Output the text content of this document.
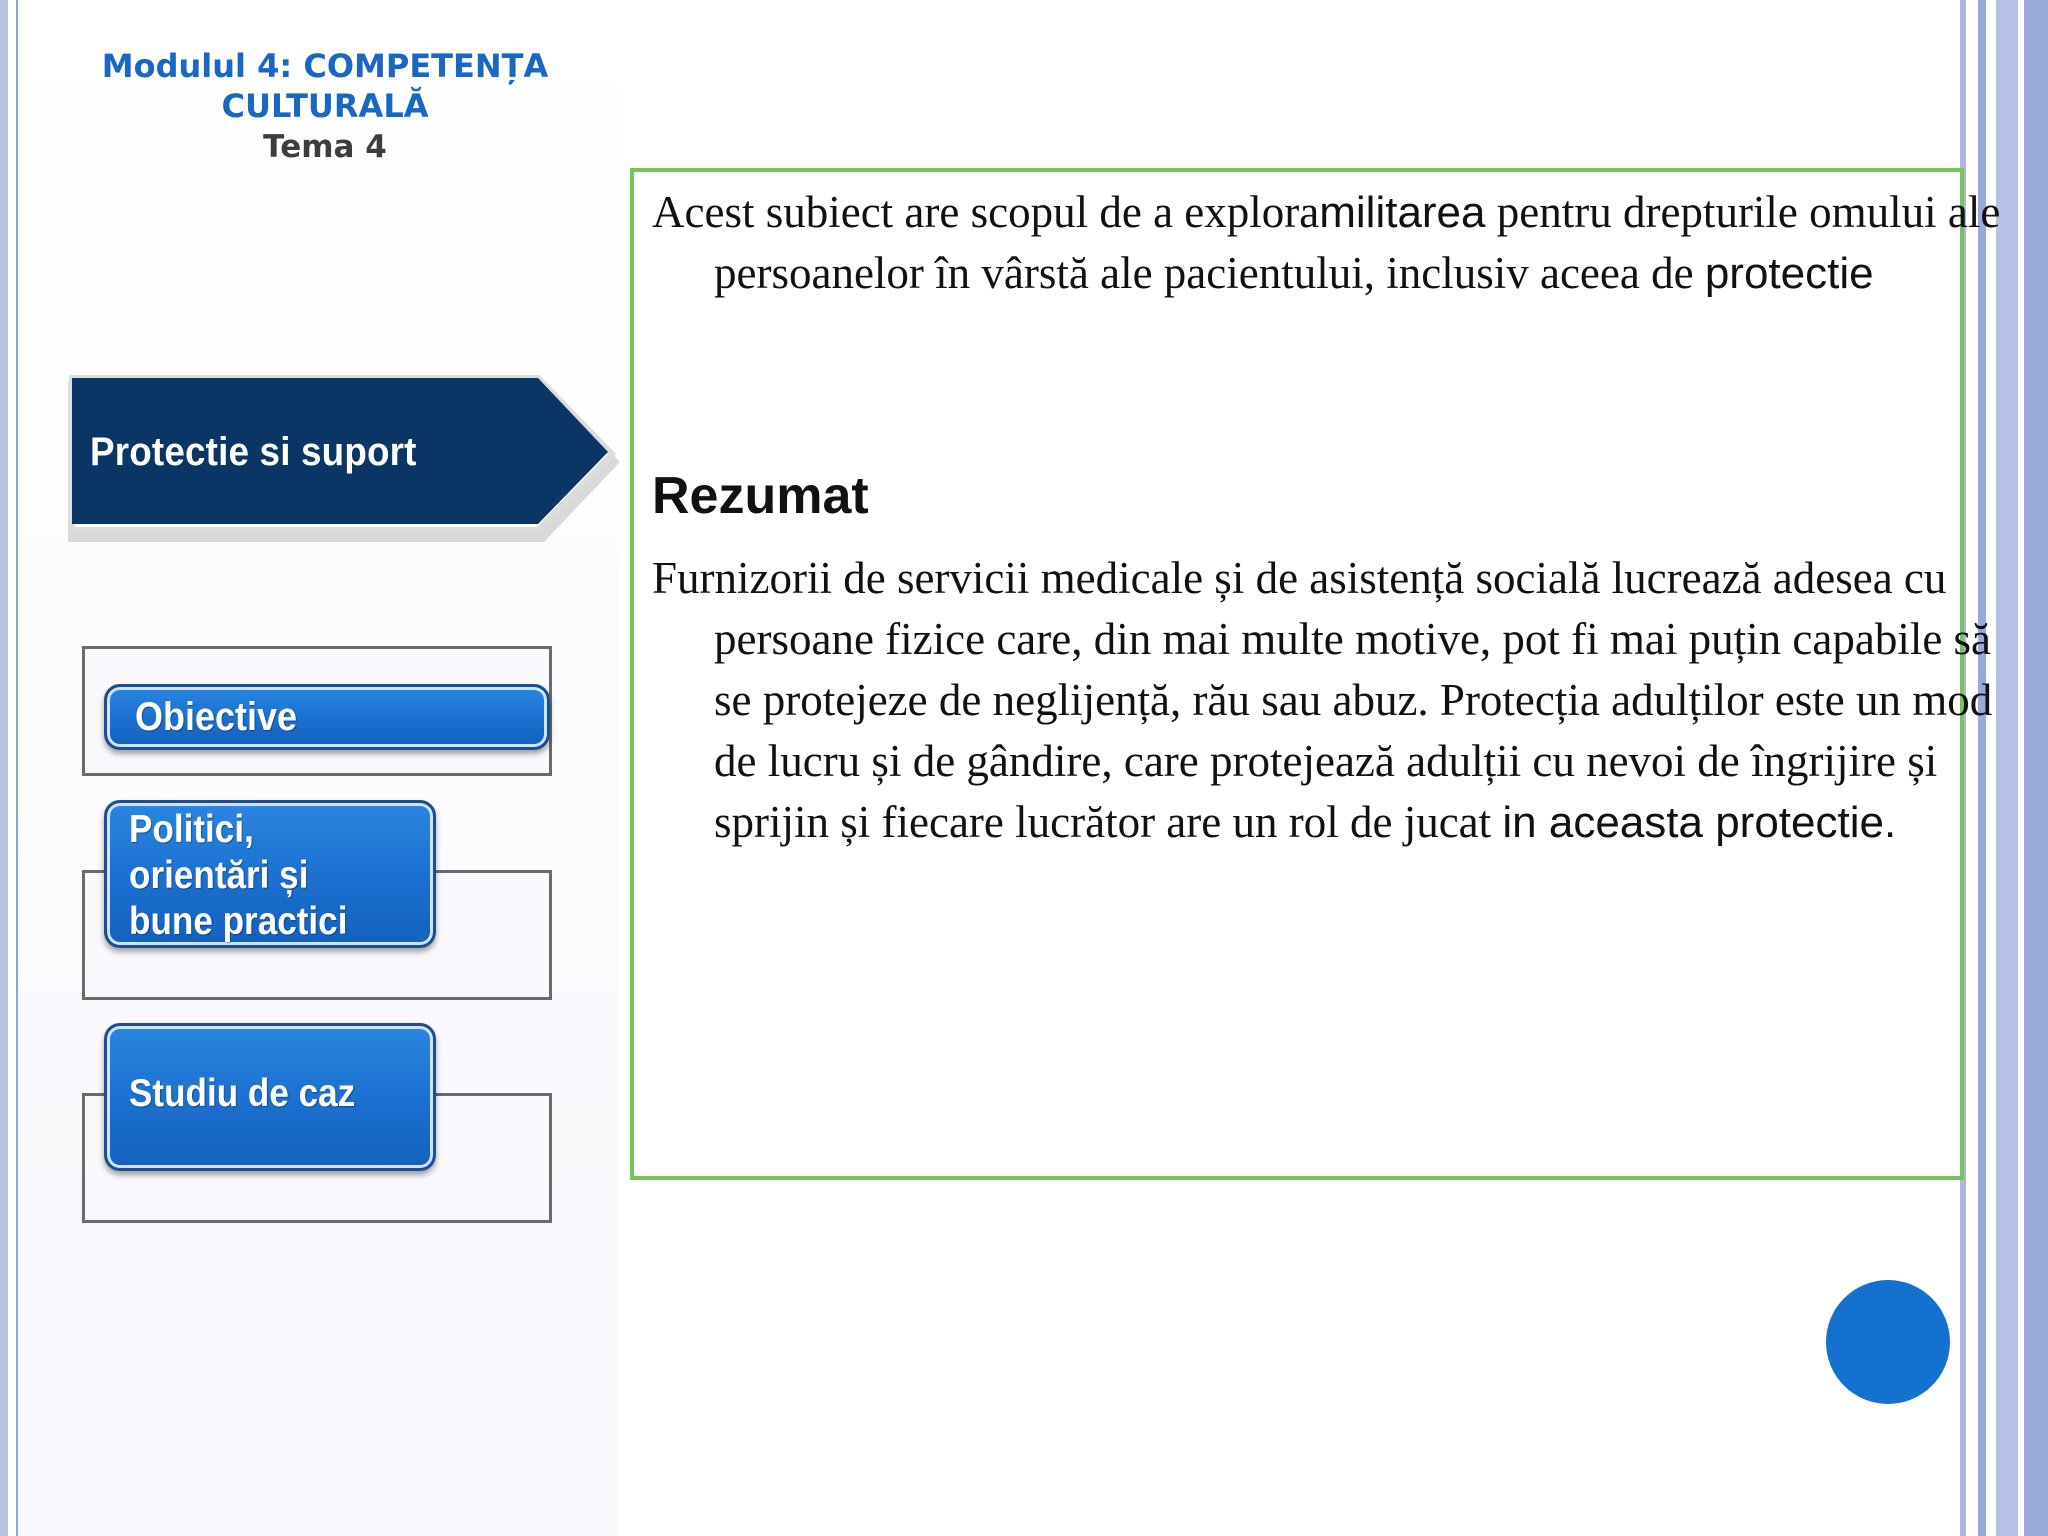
Modulul 4: COMPETENȚA CULTURALĂ
Tema 4
Protectie si suport
Obiective
Politici, orientări și bune practici
Studiu de caz

Acest subiect are scopul de a exploramilitarea pentru drepturile omului ale persoanelor în vârstă ale pacientului, inclusiv aceea de protectie

Rezumat

Furnizorii de servicii medicale și de asistență socială lucrează adesea cu persoane fizice care, din mai multe motive, pot fi mai puțin capabile să se protejeze de neglijență, rău sau abuz. Protecția adulților este un mod de lucru și de gândire, care protejează adulții cu nevoi de îngrijire și sprijin și fiecare lucrător are un rol de jucat in aceasta protectie.
